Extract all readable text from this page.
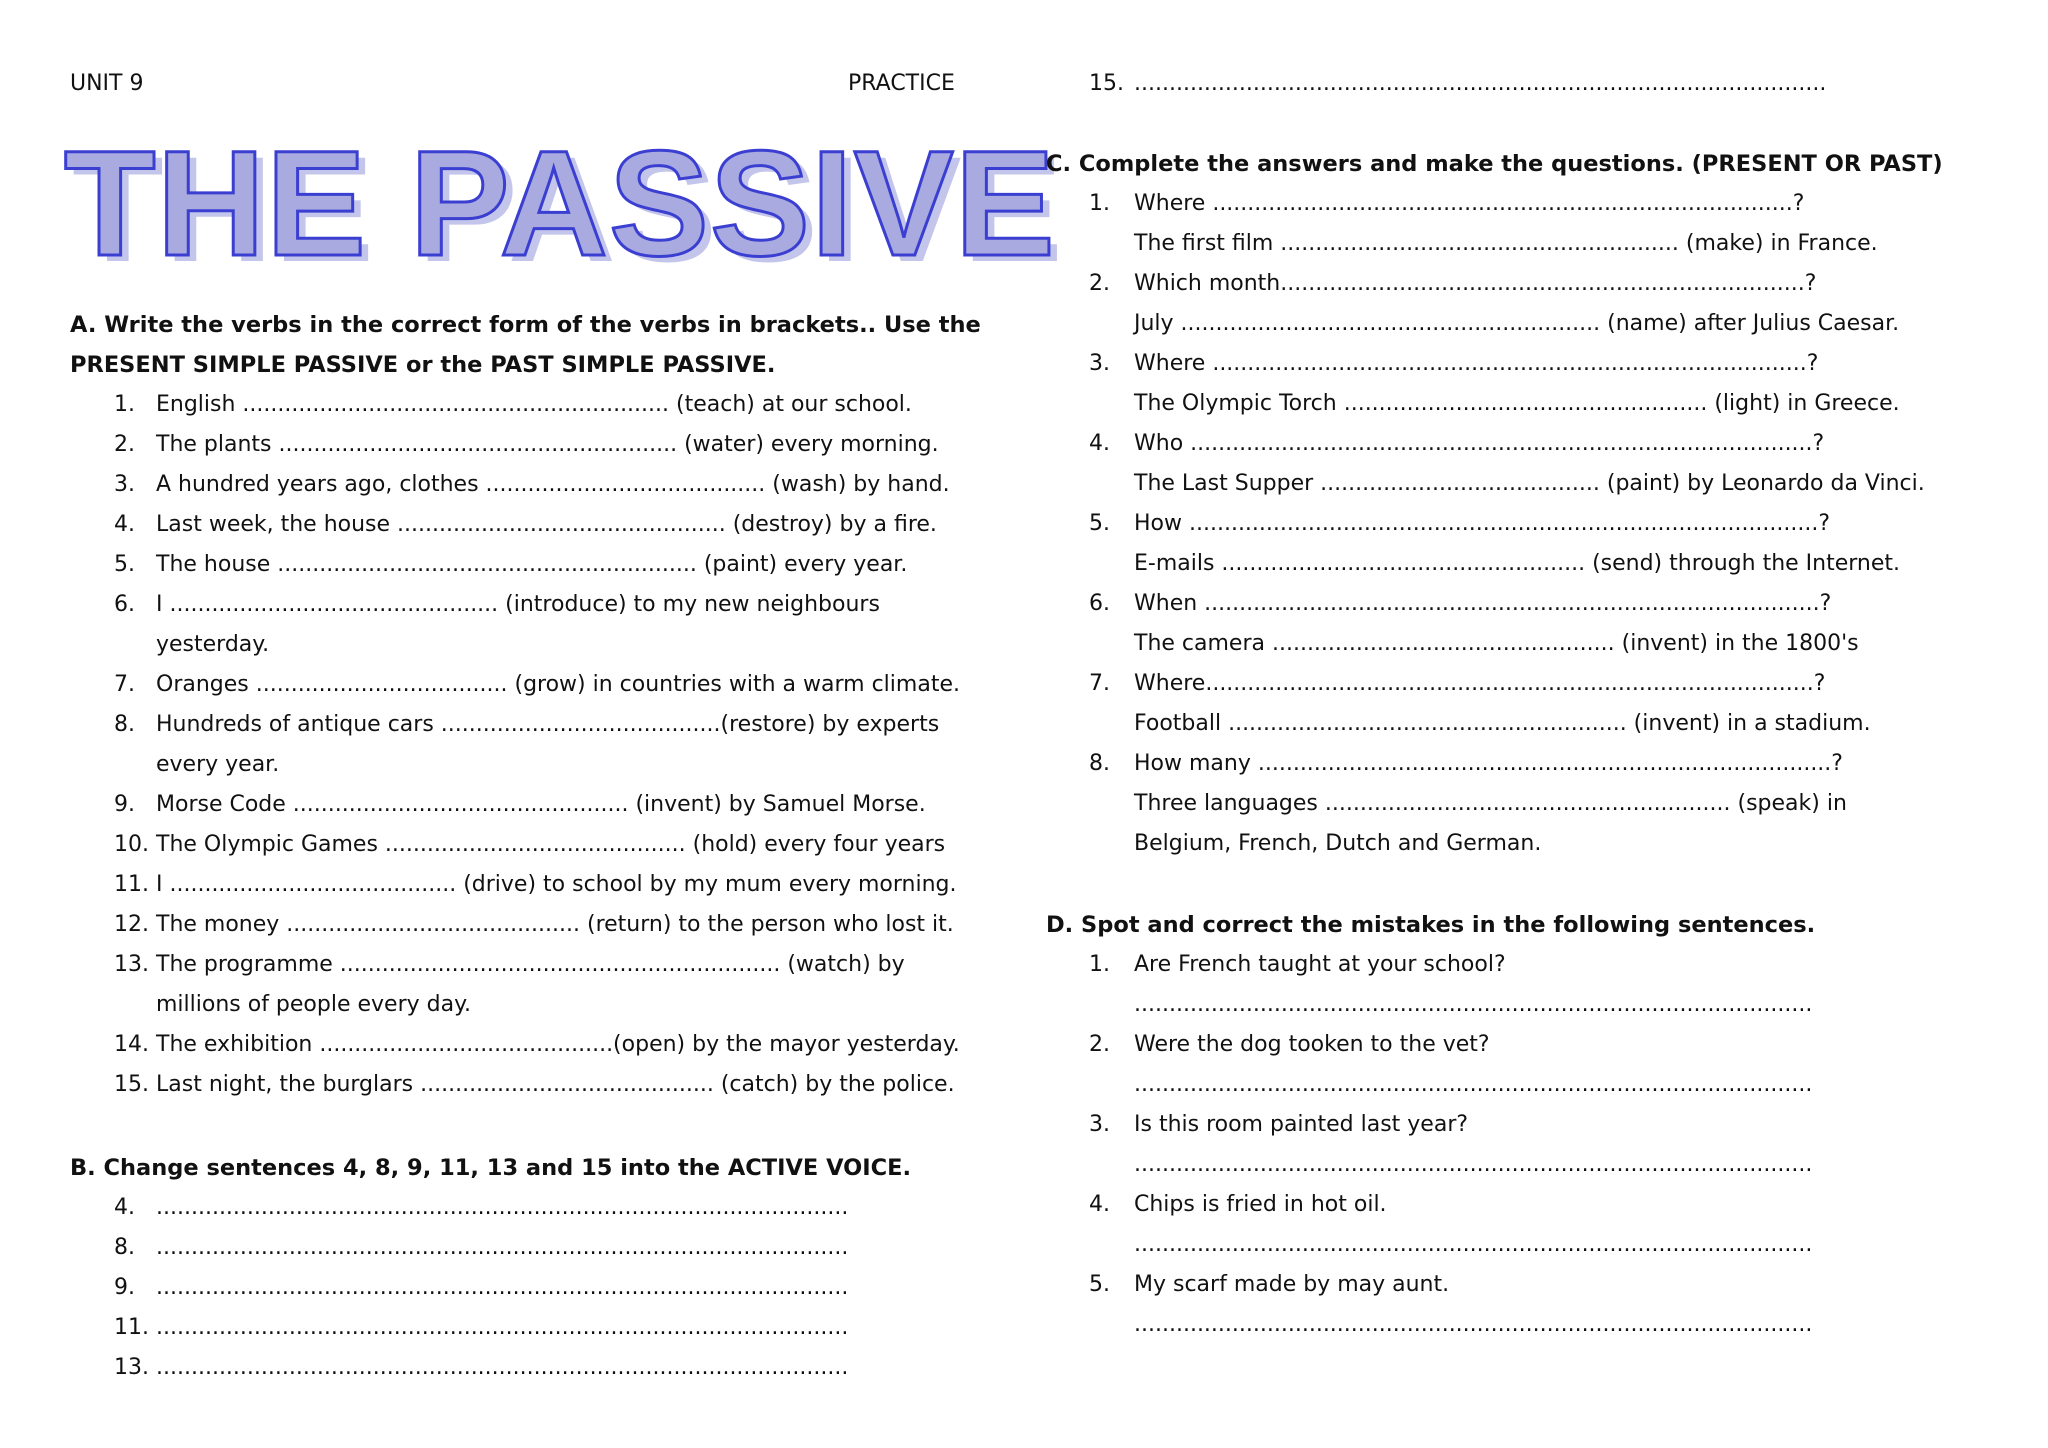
UNIT 9	PRACTICE
THE PASSIVE
15. ...................................................................................................
A. Write the verbs in the correct form of the verbs in brackets.. Use the
PRESENT SIMPLE PASSIVE or the PAST SIMPLE PASSIVE.
1. English ............................................................. (teach) at our school.
2. The plants ......................................................... (water) every morning.
3. A hundred years ago, clothes ........................................ (wash) by hand.
4. Last week, the house ............................................... (destroy) by a fire.
5. The house ............................................................ (paint) every year.
6. I ............................................... (introduce) to my new neighbours
yesterday.
7. Oranges .................................... (grow) in countries with a warm climate.
8. Hundreds of antique cars ........................................(restore) by experts
every year.
9. Morse Code ................................................ (invent) by Samuel Morse.
10. The Olympic Games ........................................... (hold) every four years
11. I ......................................... (drive) to school by my mum every morning.
12. The money .......................................... (return) to the person who lost it.
13. The programme ............................................................... (watch) by
millions of people every day.
14. The exhibition ..........................................(open) by the mayor yesterday.
15. Last night, the burglars .......................................... (catch) by the police.
B. Change sentences 4, 8, 9, 11, 13 and 15 into the ACTIVE VOICE.
4. ...................................................................................................
8. ...................................................................................................
9. ...................................................................................................
11. ...................................................................................................
13. ...................................................................................................
C. Complete the answers and make the questions. (PRESENT OR PAST)
1. Where ...................................................................................?
The first film ......................................................... (make) in France.
2. Which month...........................................................................?
July ............................................................ (name) after Julius Caesar.
3. Where .....................................................................................?
The Olympic Torch .................................................... (light) in Greece.
4. Who .........................................................................................?
The Last Supper ........................................ (paint) by Leonardo da Vinci.
5. How ..........................................................................................?
E-mails .................................................... (send) through the Internet.
6. When ........................................................................................?
The camera ................................................. (invent) in the 1800's
7. Where.......................................................................................?
Football ......................................................... (invent) in a stadium.
8. How many ..................................................................................?
Three languages .......................................................... (speak) in
Belgium, French, Dutch and German.
D. Spot and correct the mistakes in the following sentences.
1. Are French taught at your school?
.................................................................................................
2. Were the dog tooken to the vet?
.................................................................................................
3. Is this room painted last year?
.................................................................................................
4. Chips is fried in hot oil.
.................................................................................................
5. My scarf made by may aunt.
.................................................................................................
